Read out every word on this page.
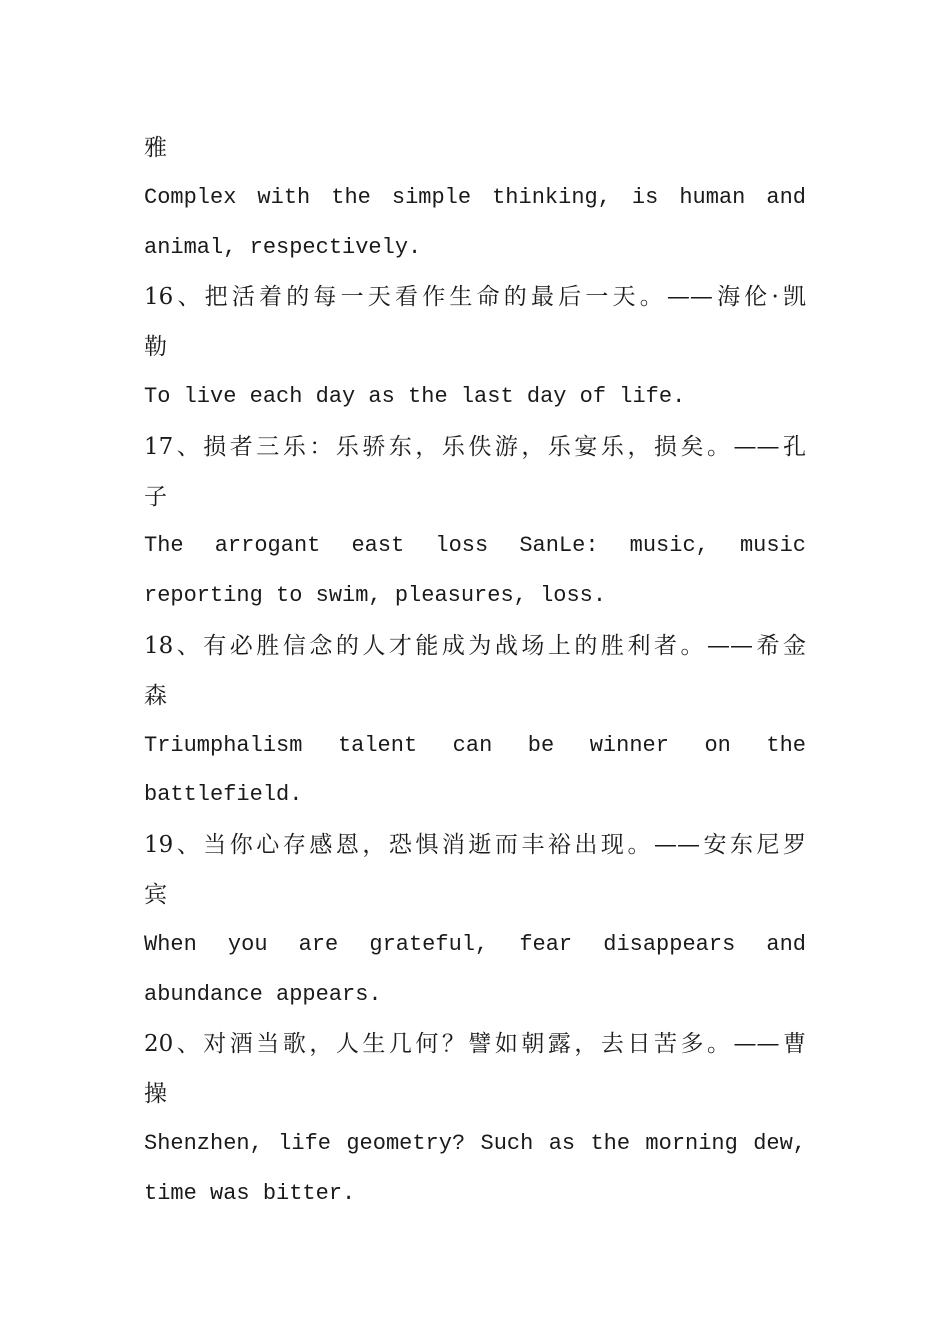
雅
Complex with the simple thinking, is human and
animal, respectively.
16、把活着的每一天看作生命的最后一天。——海伦·凯
勒
To live each day as the last day of life.
17、损者三乐：乐骄东，乐佚游，乐宴乐，损矣。——孔
子
The arrogant east loss SanLe: music, music
reporting to swim, pleasures, loss.
18、有必胜信念的人才能成为战场上的胜利者。——希金
森
Triumphalism talent can be winner on the
battlefield.
19、当你心存感恩，恐惧消逝而丰裕出现。——安东尼罗
宾
When you are grateful, fear disappears and
abundance appears.
20、对酒当歌，人生几何？譬如朝露，去日苦多。——曹
操
Shenzhen, life geometry? Such as the morning dew,
time was bitter.
